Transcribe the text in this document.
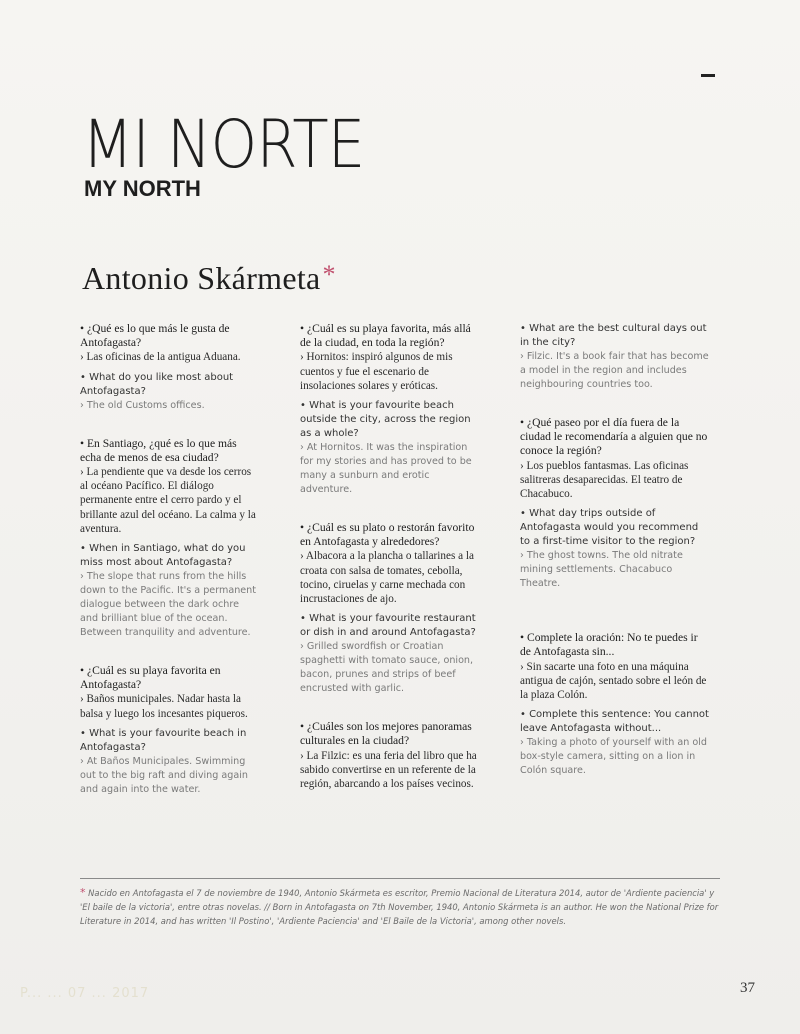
MI NORTE
MY NORTH
Antonio Skármeta*
• ¿Qué es lo que más le gusta de Antofagasta?
› Las oficinas de la antigua Aduana.
• What do you like most about Antofagasta?
› The old Customs offices.
• En Santiago, ¿qué es lo que más echa de menos de esa ciudad?
› La pendiente que va desde los cerros al océano Pacífico. El diálogo permanente entre el cerro pardo y el brillante azul del océano. La calma y la aventura.
• When in Santiago, what do you miss most about Antofagasta?
› The slope that runs from the hills down to the Pacific. It's a permanent dialogue between the dark ochre and brilliant blue of the ocean. Between tranquility and adventure.
• ¿Cuál es su playa favorita en Antofagasta?
› Baños municipales. Nadar hasta la balsa y luego los incesantes piqueros.
• What is your favourite beach in Antofagasta?
› At Baños Municipales. Swimming out to the big raft and diving again and again into the water.
• ¿Cuál es su playa favorita, más allá de la ciudad, en toda la región?
› Hornitos: inspiró algunos de mis cuentos y fue el escenario de insolaciones solares y eróticas.
• What is your favourite beach outside the city, across the region as a whole?
› At Hornitos. It was the inspiration for my stories and has proved to be many a sunburn and erotic adventure.
• ¿Cuál es su plato o restorán favorito en Antofagasta y alrededores?
› Albacora a la plancha o tallarines a la croata con salsa de tomates, cebolla, tocino, ciruelas y carne mechada con incrustaciones de ajo.
• What is your favourite restaurant or dish in and around Antofagasta?
› Grilled swordfish or Croatian spaghetti with tomato sauce, onion, bacon, prunes and strips of beef encrusted with garlic.
• ¿Cuáles son los mejores panoramas culturales en la ciudad?
› La Filzic: es una feria del libro que ha sabido convertirse en un referente de la región, abarcando a los países vecinos.
• What are the best cultural days out in the city?
› Filzic. It's a book fair that has become a model in the region and includes neighbouring countries too.
• ¿Qué paseo por el día fuera de la ciudad le recomendaría a alguien que no conoce la región?
› Los pueblos fantasmas. Las oficinas salitreras desaparecidas. El teatro de Chacabuco.
• What day trips outside of Antofagasta would you recommend to a first-time visitor to the region?
› The ghost towns. The old nitrate mining settlements. Chacabuco Theatre.
• Complete la oración: No te puedes ir de Antofagasta sin...
› Sin sacarte una foto en una máquina antigua de cajón, sentado sobre el león de la plaza Colón.
• Complete this sentence: You cannot leave Antofagasta without...
› Taking a photo of yourself with an old box-style camera, sitting on a lion in Colón square.
* Nacido en Antofagasta el 7 de noviembre de 1940, Antonio Skármeta es escritor, Premio Nacional de Literatura 2014, autor de 'Ardiente paciencia' y 'El baile de la victoria', entre otras novelas. // Born in Antofagasta on 7th November, 1940, Antonio Skármeta is an author. He won the National Prize for Literature in 2014, and has written 'Il Postino', 'Ardiente Paciencia' and 'El Baile de la Victoria', among other novels.
P... ... 07 ... 2017	37
